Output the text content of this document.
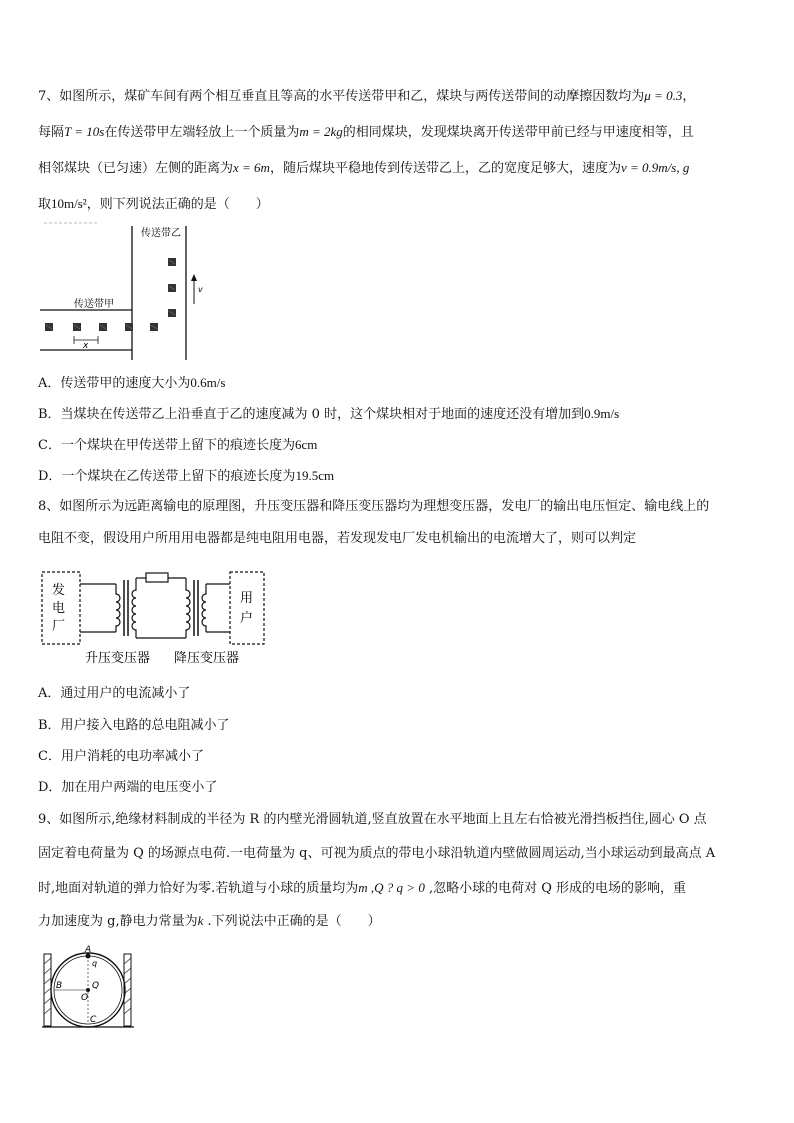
7、如图所示，煤矿车间有两个相互垂直且等高的水平传送带甲和乙，煤块与两传送带间的动摩擦因数均为μ = 0.3，
每隔T = 10s在传送带甲左端轻放上一个质量为m = 2kg的相同煤块，发现煤块离开传送带甲前已经与甲速度相等，且
相邻煤块（已匀速）左侧的距离为x = 6m，随后煤块平稳地传到传送带乙上，乙的宽度足够大，速度为v = 0.9m/s, g
取10m/s²，则下列说法正确的是（　　）
传送带甲
传送带乙
x
v
A．传送带甲的速度大小为0.6m/s
B．当煤块在传送带乙上沿垂直于乙的速度减为 0 时，这个煤块相对于地面的速度还没有增加到0.9m/s
C．一个煤块在甲传送带上留下的痕迹长度为6cm
D．一个煤块在乙传送带上留下的痕迹长度为19.5cm
8、如图所示为远距离输电的原理图，升压变压器和降压变压器均为理想变压器，发电厂的输出电压恒定、输电线上的
电阻不变，假设用户所用用电器都是纯电阻用电器，若发现发电厂发电机输出的电流增大了，则可以判定
发
电
厂
用
户
升压变压器 降压变压器
A．通过用户的电流减小了
B．用户接入电路的总电阻减小了
C．用户消耗的电功率减小了
D．加在用户两端的电压变小了
9、如图所示,绝缘材料制成的半径为 R 的内壁光滑圆轨道,竖直放置在水平地面上且左右恰被光滑挡板挡住,圆心 O 点
固定着电荷量为 Q 的场源点电荷.一电荷量为 q、可视为质点的带电小球沿轨道内壁做圆周运动,当小球运动到最高点 A
时,地面对轨道的弹力恰好为零.若轨道与小球的质量均为m ,Q ? q > 0 ,忽略小球的电荷对 Q 形成的电场的影响，重
力加速度为 g,静电力常量为k .下列说法中正确的是（　　）
A
q
B	Q
O
C
